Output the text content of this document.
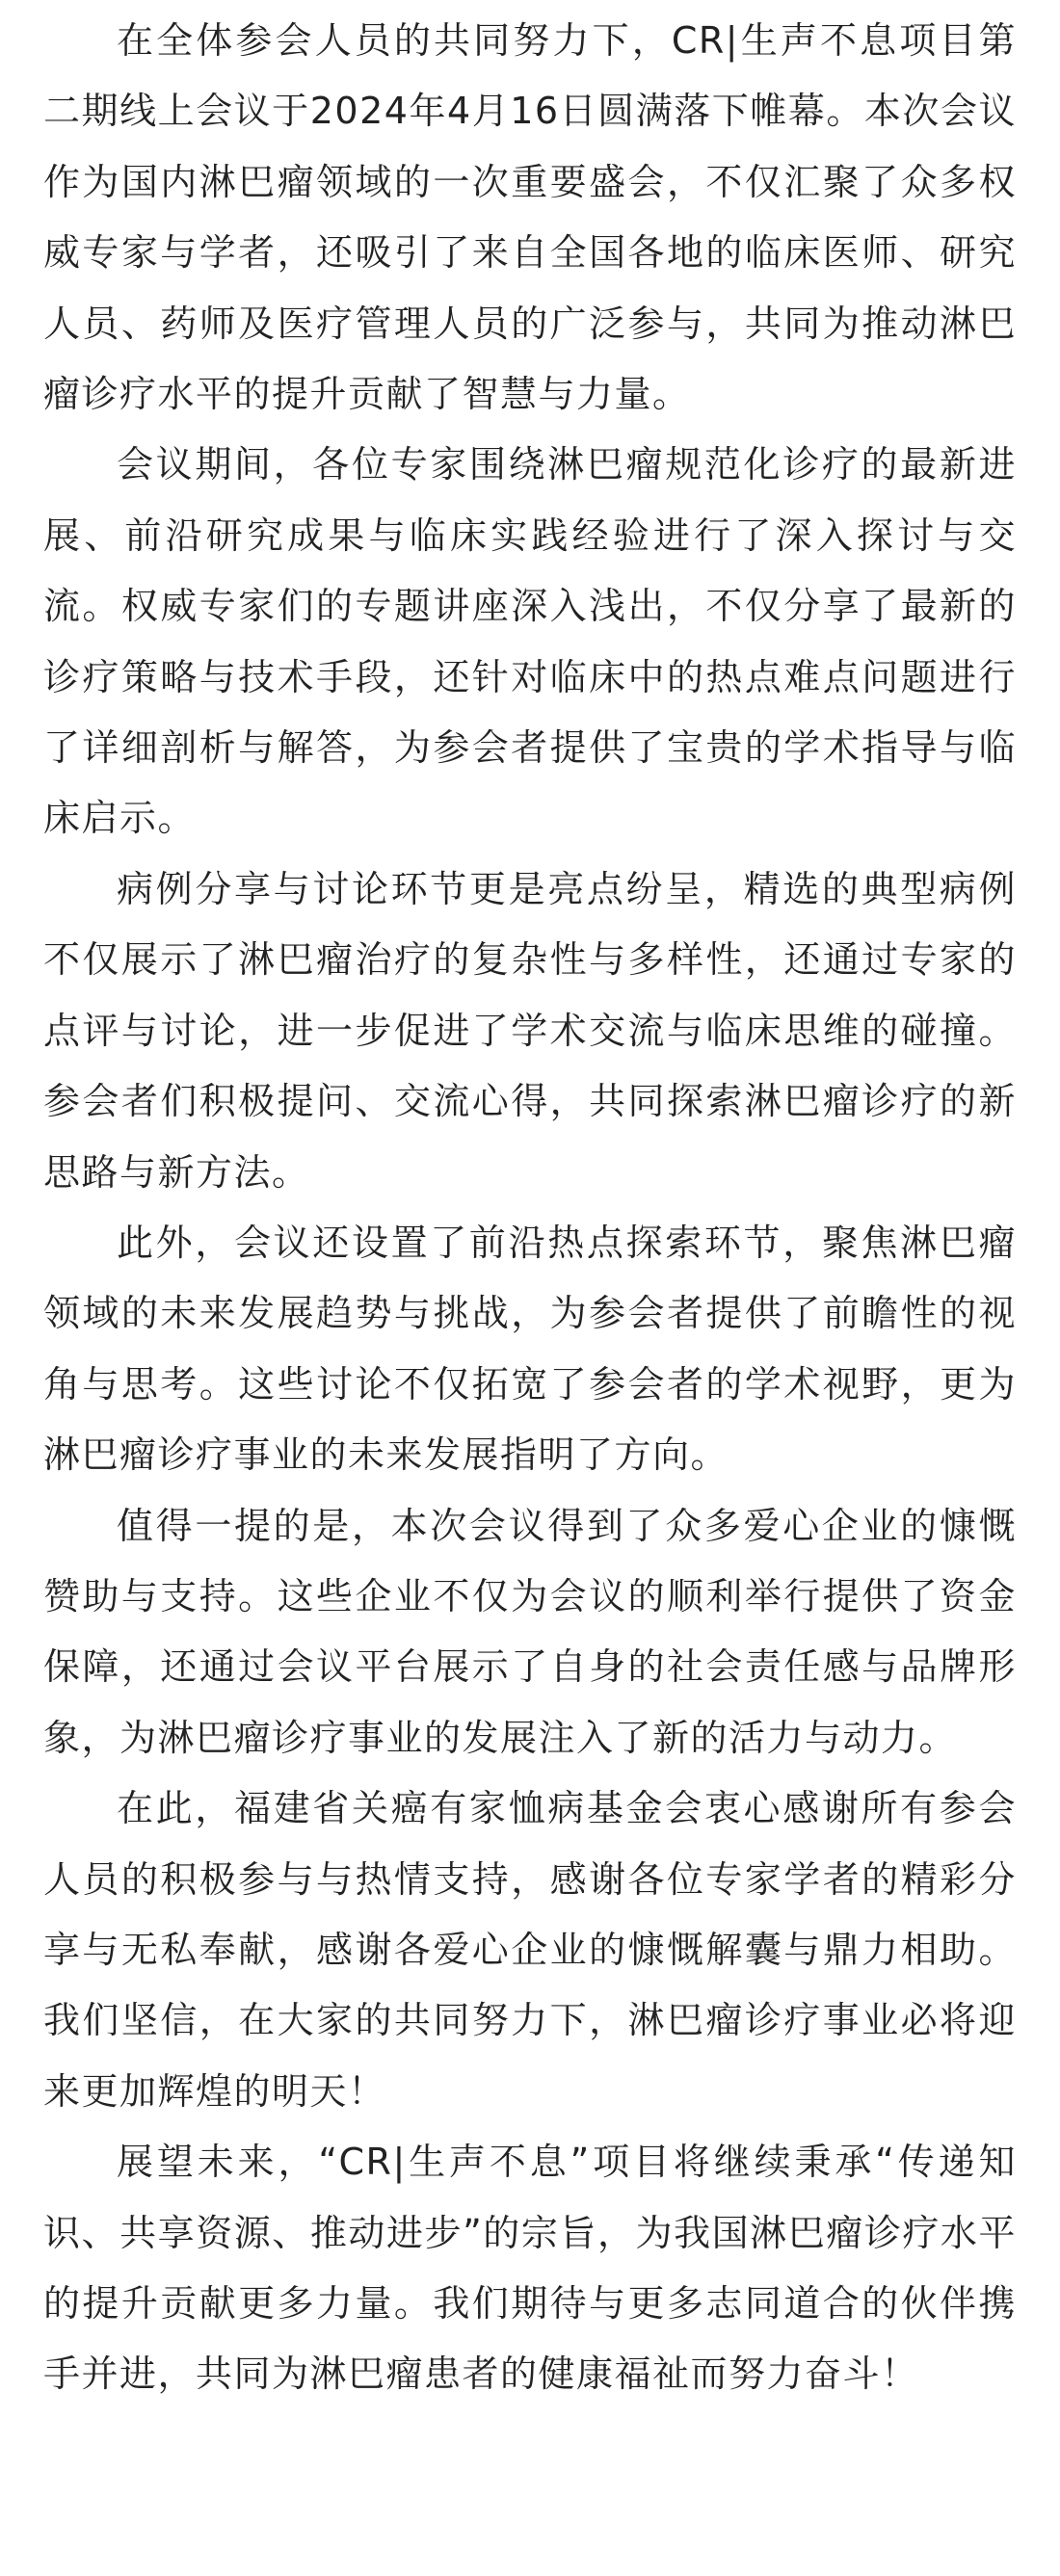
在全体参会人员的共同努力下，CR|生声不息项目第二期线上会议于2024年4月16日圆满落下帷幕。本次会议作为国内淋巴瘤领域的一次重要盛会，不仅汇聚了众多权威专家与学者，还吸引了来自全国各地的临床医师、研究人员、药师及医疗管理人员的广泛参与，共同为推动淋巴瘤诊疗水平的提升贡献了智慧与力量。

会议期间，各位专家围绕淋巴瘤规范化诊疗的最新进展、前沿研究成果与临床实践经验进行了深入探讨与交流。权威专家们的专题讲座深入浅出，不仅分享了最新的诊疗策略与技术手段，还针对临床中的热点难点问题进行了详细剖析与解答，为参会者提供了宝贵的学术指导与临床启示。

病例分享与讨论环节更是亮点纷呈，精选的典型病例不仅展示了淋巴瘤治疗的复杂性与多样性，还通过专家的点评与讨论，进一步促进了学术交流与临床思维的碰撞。参会者们积极提问、交流心得，共同探索淋巴瘤诊疗的新思路与新方法。

此外，会议还设置了前沿热点探索环节，聚焦淋巴瘤领域的未来发展趋势与挑战，为参会者提供了前瞻性的视角与思考。这些讨论不仅拓宽了参会者的学术视野，更为淋巴瘤诊疗事业的未来发展指明了方向。

值得一提的是，本次会议得到了众多爱心企业的慷慨赞助与支持。这些企业不仅为会议的顺利举行提供了资金保障，还通过会议平台展示了自身的社会责任感与品牌形象，为淋巴瘤诊疗事业的发展注入了新的活力与动力。

在此，福建省关癌有家恤病基金会衷心感谢所有参会人员的积极参与与热情支持，感谢各位专家学者的精彩分享与无私奉献，感谢各爱心企业的慷慨解囊与鼎力相助。我们坚信，在大家的共同努力下，淋巴瘤诊疗事业必将迎来更加辉煌的明天！

展望未来，“CR|生声不息”项目将继续秉承“传递知识、共享资源、推动进步”的宗旨，为我国淋巴瘤诊疗水平的提升贡献更多力量。我们期待与更多志同道合的伙伴携手并进，共同为淋巴瘤患者的健康福祉而努力奋斗！
